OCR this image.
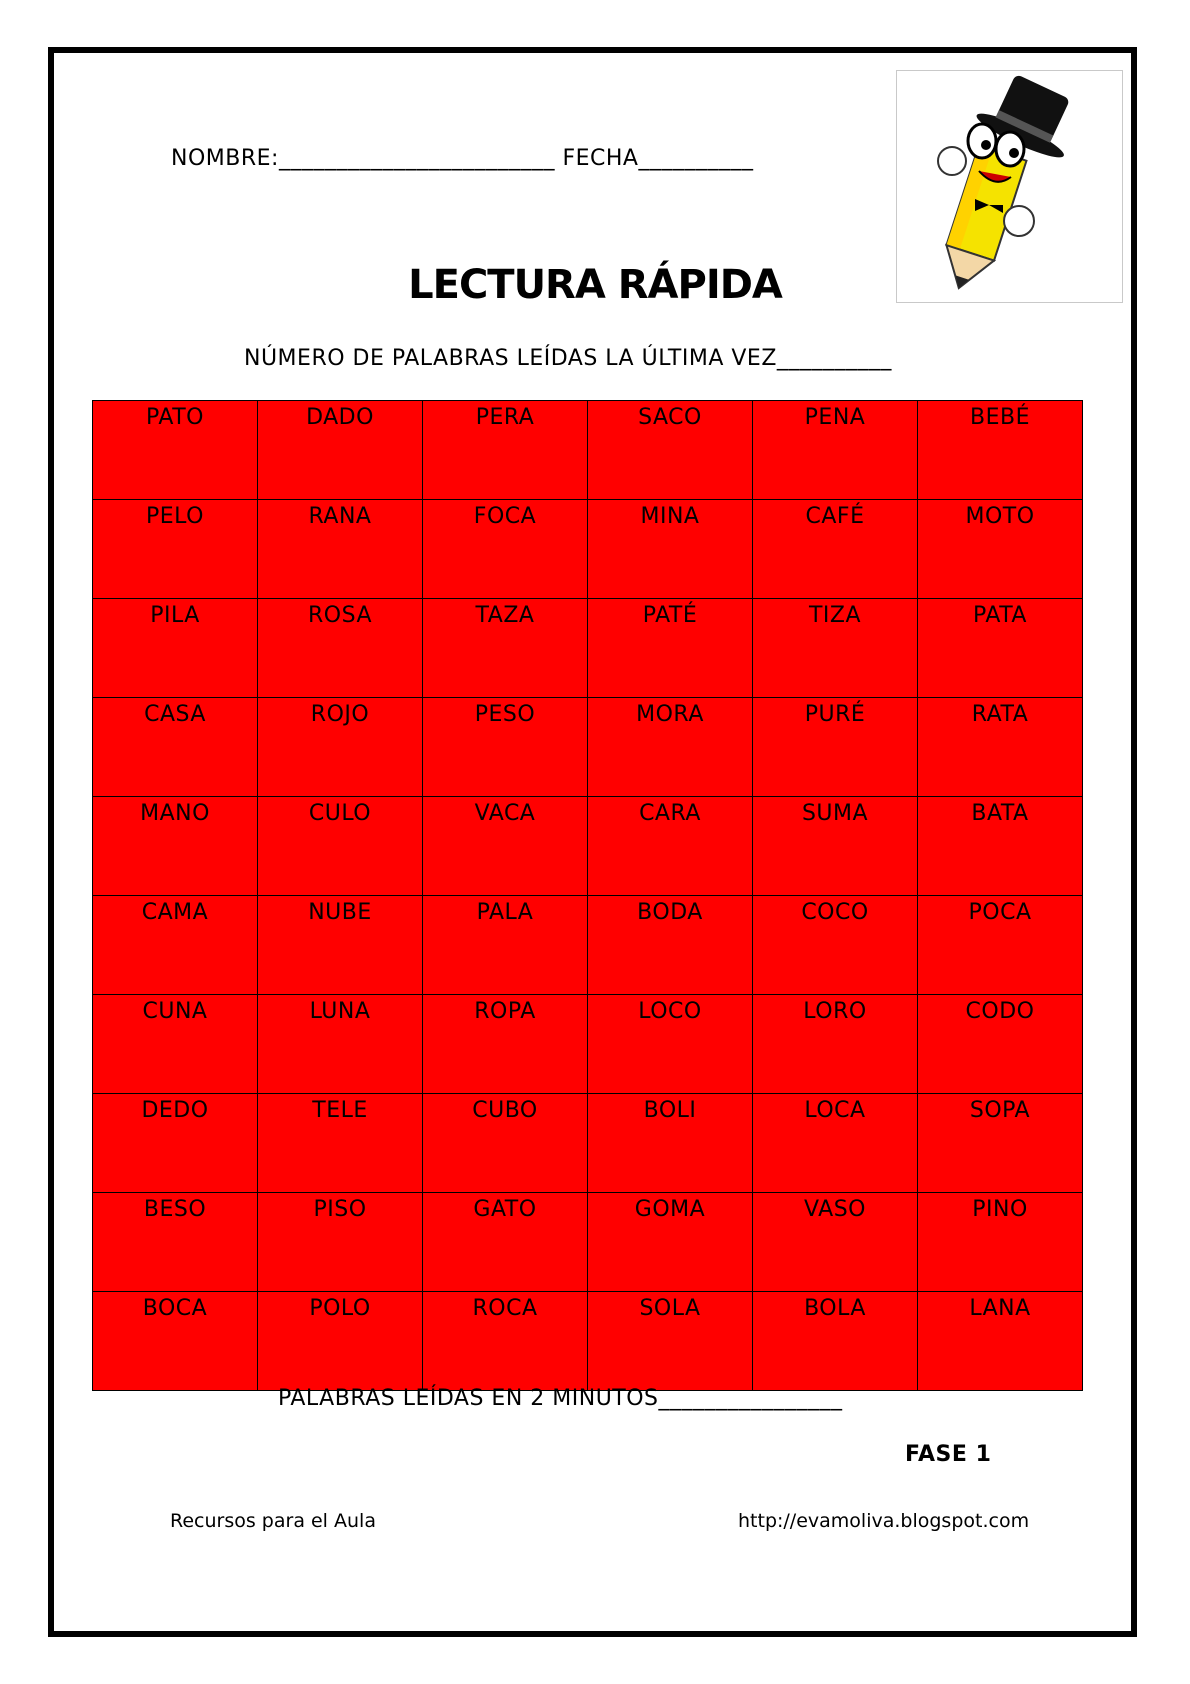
NOMBRE:________________________ FECHA__________
LECTURA RÁPIDA
NÚMERO DE PALABRAS LEÍDAS LA ÚLTIMA VEZ__________
PATO	DADO	PERA	SACO	PENA	BEBÉ
PELO	RANA	FOCA	MINA	CAFÉ	MOTO
PILA	ROSA	TAZA	PATÉ	TIZA	PATA
CASA	ROJO	PESO	MORA	PURÉ	RATA
MANO	CULO	VACA	CARA	SUMA	BATA
CAMA	NUBE	PALA	BODA	COCO	POCA
CUNA	LUNA	ROPA	LOCO	LORO	CODO
DEDO	TELE	CUBO	BOLI	LOCA	SOPA
BESO	PISO	GATO	GOMA	VASO	PINO
BOCA	POLO	ROCA	SOLA	BOLA	LANA
PALABRAS LEÍDAS EN 2 MINUTOS________________
FASE 1
Recursos para el Aula	http://evamoliva.blogspot.com
